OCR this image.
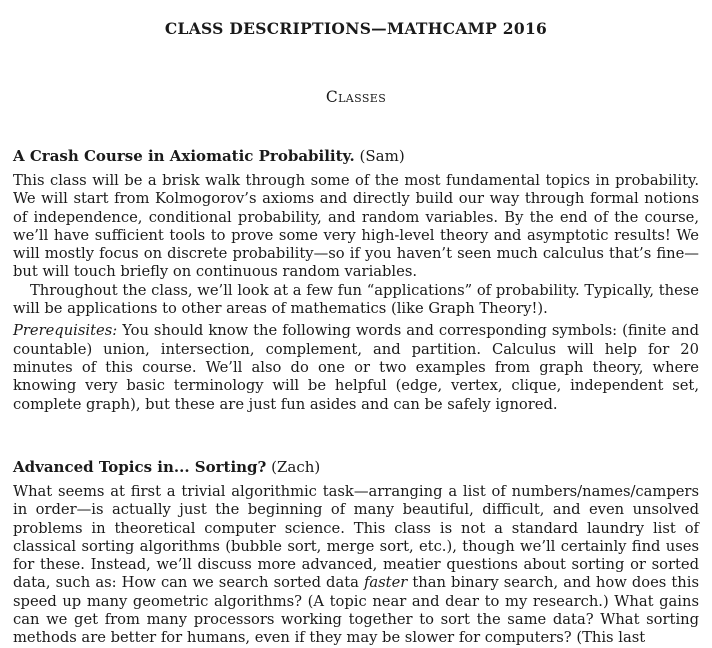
CLASS DESCRIPTIONS—MATHCAMP 2016
Classes
A Crash Course in Axiomatic Probability. (Sam)

This class will be a brisk walk through some of the most fundamental topics in probability. We will start from Kolmogorov’s axioms and directly build our way through formal notions of independence, conditional probability, and random variables. By the end of the course, we’ll have sufficient tools to prove some very high-level theory and asymptotic results! We will mostly focus on discrete probability—so if you haven’t seen much calculus that’s fine—but will touch briefly on continuous random variables.

Throughout the class, we’ll look at a few fun “applications” of probability. Typically, these will be applications to other areas of mathematics (like Graph Theory!).

Prerequisites: You should know the following words and corresponding symbols: (finite and countable) union, intersection, complement, and partition. Calculus will help for 20 minutes of this course. We’ll also do one or two examples from graph theory, where knowing very basic terminology will be helpful (edge, vertex, clique, independent set, complete graph), but these are just fun asides and can be safely ignored.

Advanced Topics in... Sorting? (Zach)

What seems at first a trivial algorithmic task—arranging a list of numbers/names/campers in order—is actually just the beginning of many beautiful, difficult, and even unsolved problems in theoretical computer science. This class is not a standard laundry list of classical sorting algorithms (bubble sort, merge sort, etc.), though we’ll certainly find uses for these. Instead, we’ll discuss more advanced, meatier questions about sorting or sorted data, such as: How can we search sorted data faster than binary search, and how does this speed up many geometric algorithms? (A topic near and dear to my research.) What gains can we get from many processors working together to sort the same data? What sorting methods are better for humans, even if they may be slower for computers? (This last
